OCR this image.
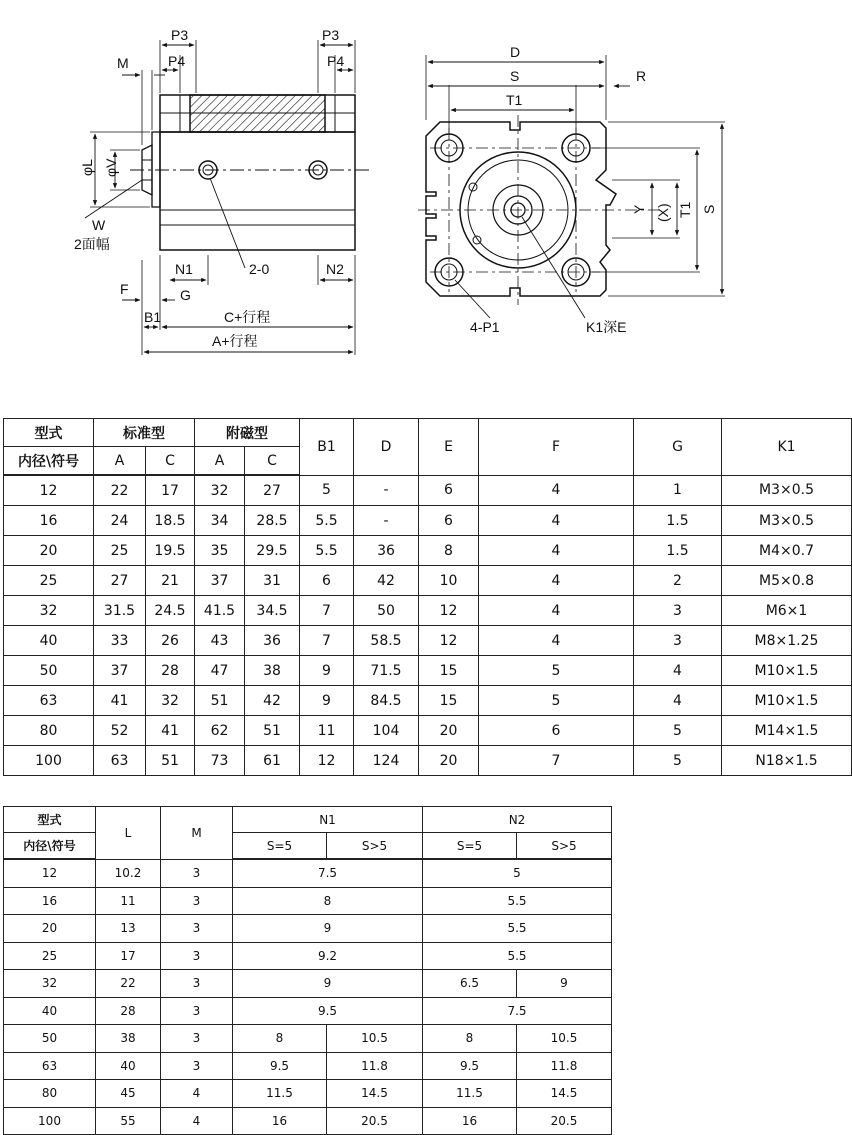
P3
P4
P3
P4
M
φL φV
W
2面幅
N1	2-0	N2
F	G
B1	C+行程
A+行程
D
S	R
T1
Y (X) T1 S
4-P1	K1深E
型式	标准型		附磁型		B1	D	E	F	G	K1
内径\符号	A	C	A	C						
12	22	17	32	27	5	-	6	4	1	M3×0.5
16	24	18.5	34	28.5	5.5	-	6	4	1.5	M3×0.5
20	25	19.5	35	29.5	5.5	36	8	4	1.5	M4×0.7
25	27	21	37	31	6	42	10	4	2	M5×0.8
32	31.5	24.5	41.5	34.5	7	50	12	4	3	M6×1
40	33	26	43	36	7	58.5	12	4	3	M8×1.25
50	37	28	47	38	9	71.5	15	5	4	M10×1.5
63	41	32	51	42	9	84.5	15	5	4	M10×1.5
80	52	41	62	51	11	104	20	6	5	M14×1.5
100	63	51	73	61	12	124	20	7	5	N18×1.5
型式	L	M	N1		N2	
内径\符号			S=5	S>5	S=5	S>5
12	10.2	3	7.5		5	
16	11	3	8		5.5	
20	13	3	9		5.5	
25	17	3	9.2		5.5	
32	22	3	9		6.5	9
40	28	3	9.5		7.5	
50	38	3	8	10.5	8	10.5
63	40	3	9.5	11.8	9.5	11.8
80	45	4	11.5	14.5	11.5	14.5
100	55	4	16	20.5	16	20.5
